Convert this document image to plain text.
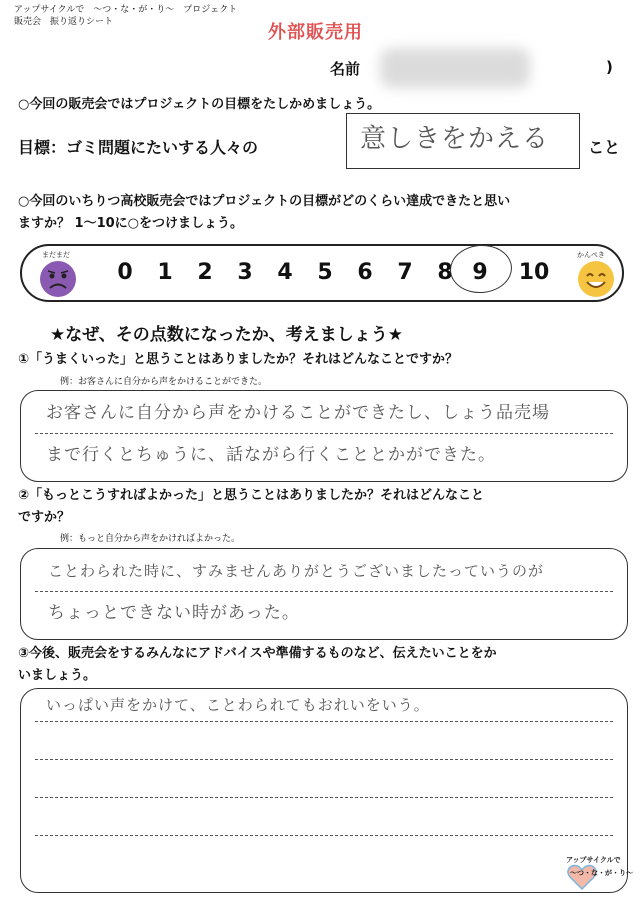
アップサイクルで　～つ・な・が・り～　プロジェクト
販売会　振り返りシート	外部販売用
名前	)
○今回の販売会ではプロジェクトの目標をたしかめましょう。
目標：ゴミ問題にたいする人々の	意しきをかえる こと
○今回のいちりつ高校販売会ではプロジェクトの目標がどのくらい達成できたと思い
ますか？ 1～10に○をつけましょう。
まだまだ	かんぺき
0 1 2 3 4 5 6 7 8 9 10
★なぜ、その点数になったか、考えましょう★
①「うまくいった」と思うことはありましたか？それはどんなことですか？
例：お客さんに自分から声をかけることができた。
お客さんに自分から声をかけることができたし、しょう品売場
まで行くとちゅうに、話ながら行くこととかができた。
②「もっとこうすればよかった」と思うことはありましたか？それはどんなこと
ですか？
例：もっと自分から声をかければよかった。
ことわられた時に、すみませんありがとうございましたっていうのが
ちょっとできない時があった。
③今後、販売会をするみんなにアドバイスや準備するものなど、伝えたいことをか
いましょう。
いっぱい声をかけて、ことわられてもおれいをいう。
アップサイクルで
～つ・な・が・り～
